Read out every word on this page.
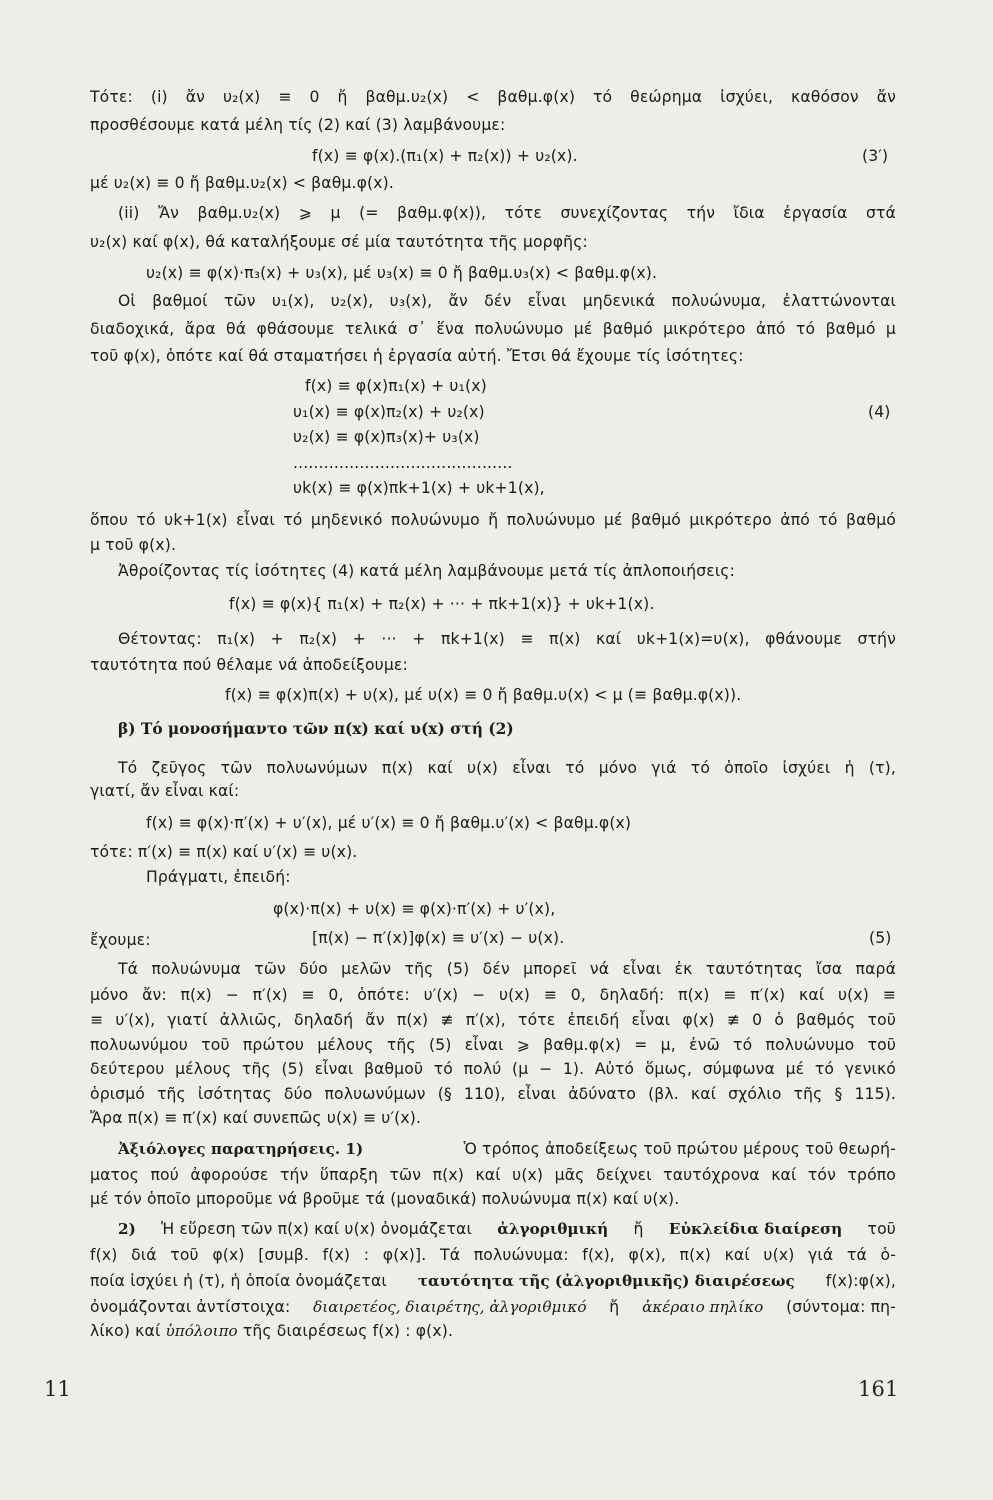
Τότε: (i) ἄν υ₂(x) ≡ 0 ἤ βαθμ.υ₂(x) < βαθμ.φ(x) τό θεώρημα ἰσχύει, καθόσον ἄν
προσθέσουμε κατά μέλη τίς (2) καί (3) λαμβάνουμε:
f(x) ≡ φ(x).(π₁(x) + π₂(x)) + υ₂(x).	(3′)
μέ υ₂(x) ≡ 0 ἤ βαθμ.υ₂(x) < βαθμ.φ(x).
(ii) Ἄν βαθμ.υ₂(x) ⩾ μ (= βαθμ.φ(x)), τότε συνεχίζοντας τήν ἴδια ἐργασία στά
υ₂(x) καί φ(x), θά καταλήξουμε σέ μία ταυτότητα τῆς μορφῆς:
υ₂(x) ≡ φ(x)·π₃(x) + υ₃(x), μέ υ₃(x) ≡ 0 ἤ βαθμ.υ₃(x) < βαθμ.φ(x).
Οἱ βαθμοί τῶν υ₁(x), υ₂(x), υ₃(x), ἄν δέν εἶναι μηδενικά πολυώνυμα, ἐλαττώνονται
διαδοχικά, ἄρα θά φθάσουμε τελικά σ᾽ ἕνα πολυώνυμο μέ βαθμό μικρότερο ἀπό τό βαθμό μ
τοῦ φ(x), ὁπότε καί θά σταματήσει ἡ ἐργασία αὐτή. Ἔτσι θά ἔχουμε τίς ἰσότητες:
f(x) ≡ φ(x)π₁(x) + υ₁(x)
υ₁(x) ≡ φ(x)π₂(x) + υ₂(x)	(4)
υ₂(x) ≡ φ(x)π₃(x)+ υ₃(x)
...........................................
υk(x) ≡ φ(x)πk+1(x) + υk+1(x),
ὅπου τό υk+1(x) εἶναι τό μηδενικό πολυώνυμο ἤ πολυώνυμο μέ βαθμό μικρότερο ἀπό τό βαθμό
μ τοῦ φ(x).
Ἀθροίζοντας τίς ἰσότητες (4) κατά μέλη λαμβάνουμε μετά τίς ἀπλοποιήσεις:
f(x) ≡ φ(x){ π₁(x) + π₂(x) + ··· + πk+1(x)} + υk+1(x).
Θέτοντας: π₁(x) + π₂(x) + ··· + πk+1(x) ≡ π(x) καί υk+1(x)=υ(x), φθάνουμε στήν
ταυτότητα πού θέλαμε νά ἀποδείξουμε:
f(x) ≡ φ(x)π(x) + υ(x), μέ υ(x) ≡ 0 ἤ βαθμ.υ(x) < μ (≡ βαθμ.φ(x)).
β) Τό μονοσήμαντο τῶν π(x) καί υ(x) στή (2)
Τό ζεῦγος τῶν πολυωνύμων π(x) καί υ(x) εἶναι τό μόνο γιά τό ὁποῖο ἰσχύει ἡ (τ),
γιατί, ἄν εἶναι καί:
f(x) ≡ φ(x)·π′(x) + υ′(x), μέ υ′(x) ≡ 0 ἤ βαθμ.υ′(x) < βαθμ.φ(x)
τότε: π′(x) ≡ π(x) καί υ′(x) ≡ υ(x).
Πράγματι, ἐπειδή:
φ(x)·π(x) + υ(x) ≡ φ(x)·π′(x) + υ′(x),
ἔχουμε:	[π(x) − π′(x)]φ(x) ≡ υ′(x) − υ(x).	(5)
Τά πολυώνυμα τῶν δύο μελῶν τῆς (5) δέν μπορεῖ νά εἶναι ἐκ ταυτότητας ἴσα παρά
μόνο ἄν: π(x) − π′(x) ≡ 0, ὁπότε: υ′(x) − υ(x) ≡ 0, δηλαδή: π(x) ≡ π′(x) καί υ(x) ≡
≡ υ′(x), γιατί ἀλλιῶς, δηλαδή ἄν π(x) ≢ π′(x), τότε ἐπειδή εἶναι φ(x) ≢ 0 ὁ βαθμός τοῦ
πολυωνύμου τοῦ πρώτου μέλους τῆς (5) εἶναι ⩾ βαθμ.φ(x) = μ, ἐνῶ τό πολυώνυμο τοῦ
δεύτερου μέλους τῆς (5) εἶναι βαθμοῦ τό πολύ (μ − 1). Αὐτό ὅμως, σύμφωνα μέ τό γενικό
ὁρισμό τῆς ἰσότητας δύο πολυωνύμων (§ 110), εἶναι ἀδύνατο (βλ. καί σχόλιο τῆς § 115).
Ἄρα π(x) ≡ π′(x) καί συνεπῶς υ(x) ≡ υ′(x).
Ἀξιόλογες παρατηρήσεις. 1)	Ὁ τρόπος ἀποδείξεως τοῦ πρώτου μέρους τοῦ θεωρή-
ματος πού ἀφορούσε τήν ὕπαρξη τῶν π(x) καί υ(x) μᾶς δείχνει ταυτόχρονα καί τόν τρόπο
μέ τόν ὁποῖο μποροῦμε νά βροῦμε τά (μοναδικά) πολυώνυμα π(x) καί υ(x).
2) Ἡ εὕρεση τῶν π(x) καί υ(x) ὀνομάζεται ἀλγοριθμική ἤ Εὐκλείδια διαίρεση τοῦ
f(x) διά τοῦ φ(x) [συμβ. f(x) : φ(x)]. Τά πολυώνυμα: f(x), φ(x), π(x) καί υ(x) γιά τά ὁ-
ποία ἰσχύει ἡ (τ), ἡ ὁποία ὀνομάζεται ταυτότητα τῆς (ἀλγοριθμικῆς) διαιρέσεως f(x):φ(x),
ὀνομάζονται ἀντίστοιχα: διαιρετέος, διαιρέτης, ἀλγοριθμικό ἤ ἀκέραιο πηλίκο (σύντομα: πη-
λίκο) καί ὑπόλοιπο τῆς διαιρέσεως f(x) : φ(x).
11	161
